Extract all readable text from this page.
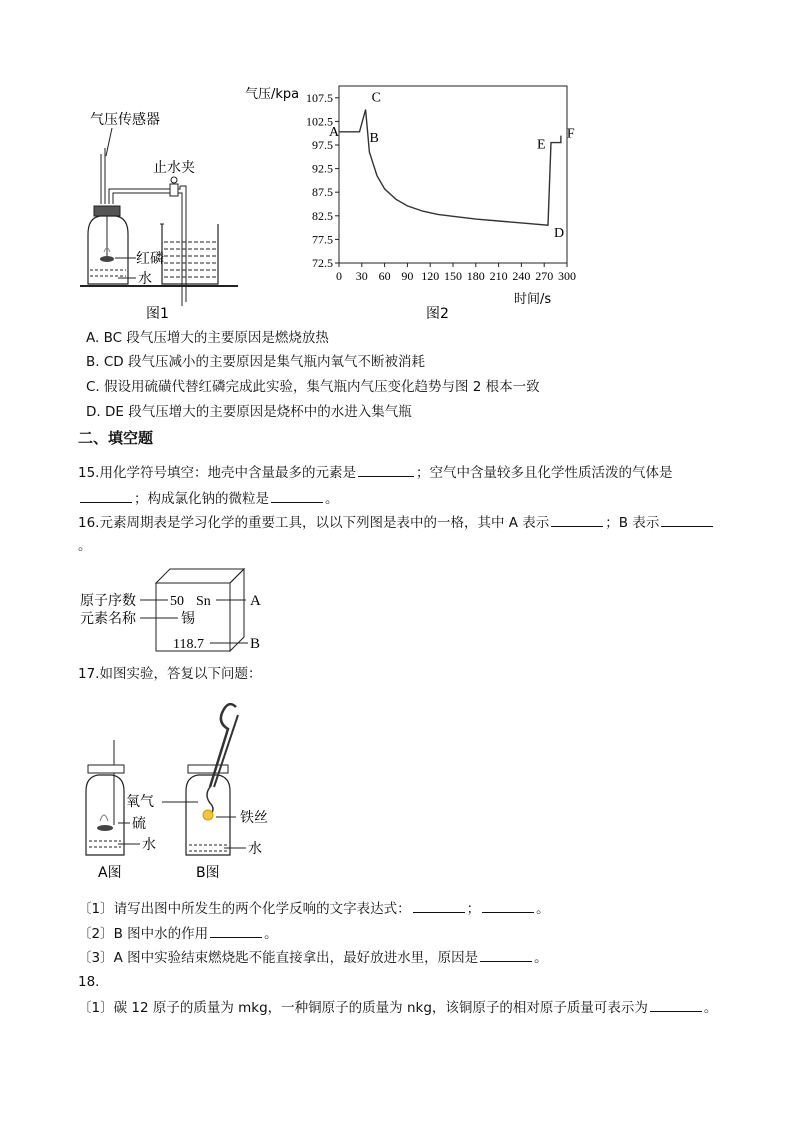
气压传感器
止水夹
红磷
水
图1
气压/kpa
时间/s
图2
72.5
77.5
82.5
87.5
92.5
97.5
102.5
107.5
0 30 60 90 120 150 180 210 240 270 300
A B
C
D
E
F
A. BC 段气压增大的主要原因是燃烧放热
B. CD 段气压减小的主要原因是集气瓶内氧气不断被消耗
C. 假设用硫磺代替红磷完成此实验，集气瓶内气压变化趋势与图 2 根本一致
D. DE 段气压增大的主要原因是烧杯中的水进入集气瓶
二、填空题
15.用化学符号填空：地壳中含量最多的元素是	；空气中含量较多且化学性质活泼的气体是
；构成氯化钠的微粒是	。
16.元素周期表是学习化学的重要工具，以以下列图是表中的一格，其中 A 表示	；B 表示
。
50 Sn
锡
118.7
原子序数
元素名称
A
B
17.如图实验，答复以下问题：
氧气
硫
水
铁丝
水
A图	B图
〔1〕请写出图中所发生的两个化学反响的文字表达式：	；	。
〔2〕B 图中水的作用	。
〔3〕A 图中实验结束燃烧匙不能直接拿出，最好放进水里，原因是	。
18.
〔1〕碳 12 原子的质量为 mkg，一种铜原子的质量为 nkg，该铜原子的相对原子质量可表示为	。
